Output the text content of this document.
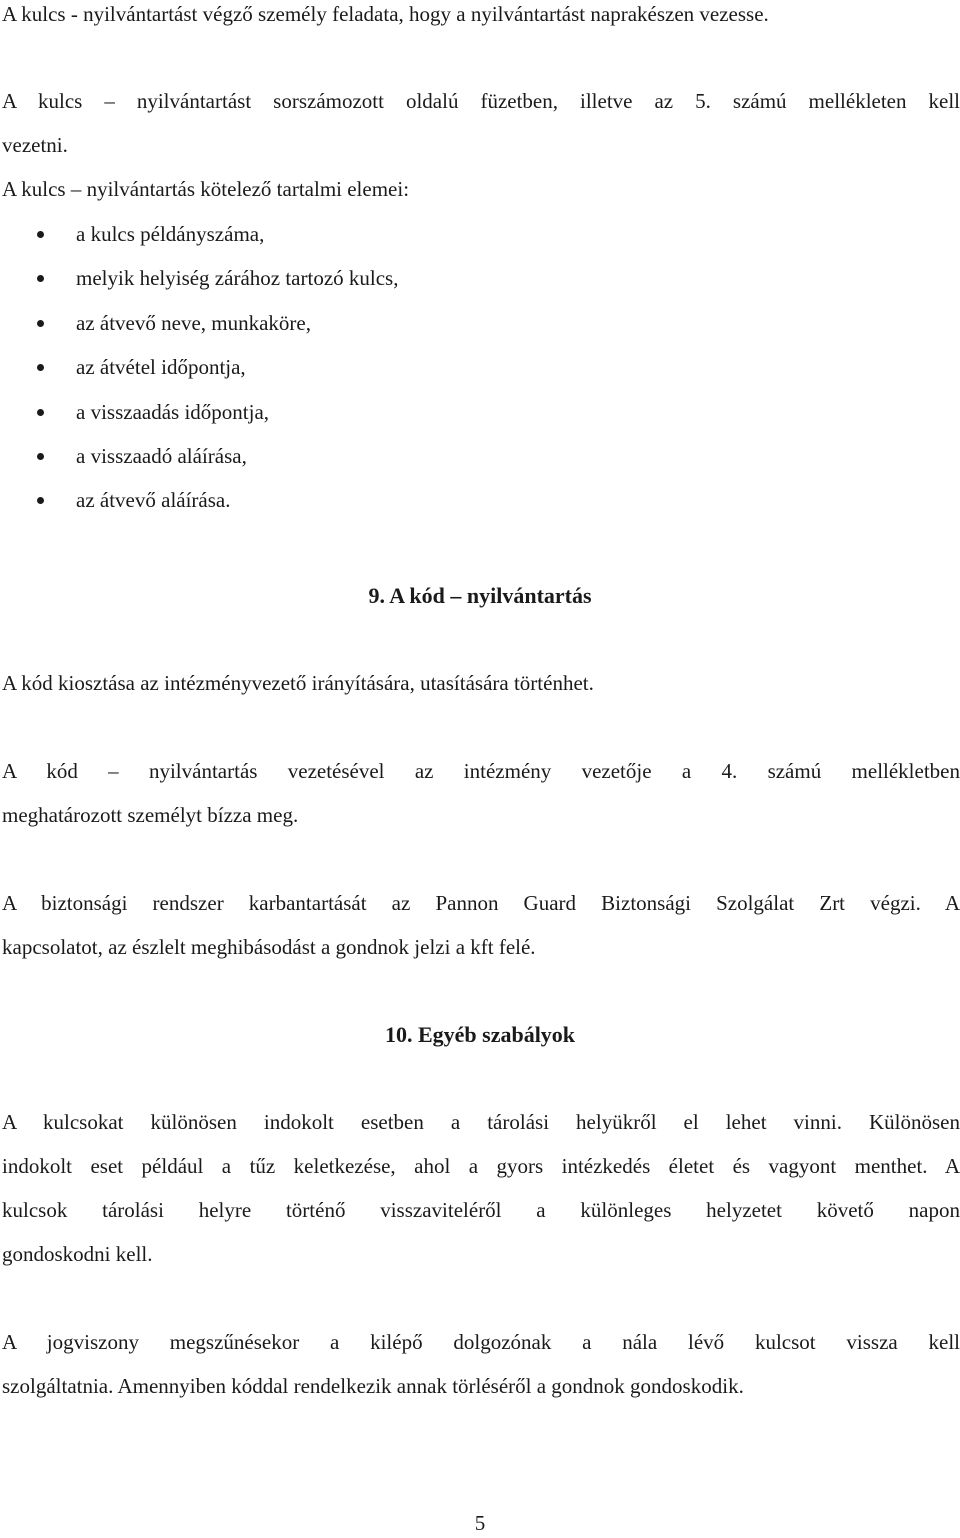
A kulcs - nyilvántartást végző személy feladata, hogy a nyilvántartást naprakészen vezesse.

A kulcs – nyilvántartást sorszámozott oldalú füzetben, illetve az 5. számú mellékleten kell

vezetni.

A kulcs – nyilvántartás kötelező tartalmi elemei:

a kulcs példányszáma,
melyik helyiség zárához tartozó kulcs,
az átvevő neve, munkaköre,
az átvétel időpontja,
a visszaadás időpontja,
a visszaadó aláírása,
az átvevő aláírása.
9. A kód – nyilvántartás

A kód kiosztása az intézményvezető irányítására, utasítására történhet.

A kód – nyilvántartás vezetésével az intézmény vezetője a 4. számú mellékletben

meghatározott személyt bízza meg.

A biztonsági rendszer karbantartását az Pannon Guard Biztonsági Szolgálat Zrt végzi. A

kapcsolatot, az észlelt meghibásodást a gondnok jelzi a kft felé.

10. Egyéb szabályok

A kulcsokat különösen indokolt esetben a tárolási helyükről el lehet vinni. Különösen

indokolt eset például a tűz keletkezése, ahol a gyors intézkedés életet és vagyont menthet. A

kulcsok tárolási helyre történő visszaviteléről a különleges helyzetet követő napon

gondoskodni kell.

A jogviszony megszűnésekor a kilépő dolgozónak a nála lévő kulcsot vissza kell

szolgáltatnia. Amennyiben kóddal rendelkezik annak törléséről a gondnok gondoskodik.

5
